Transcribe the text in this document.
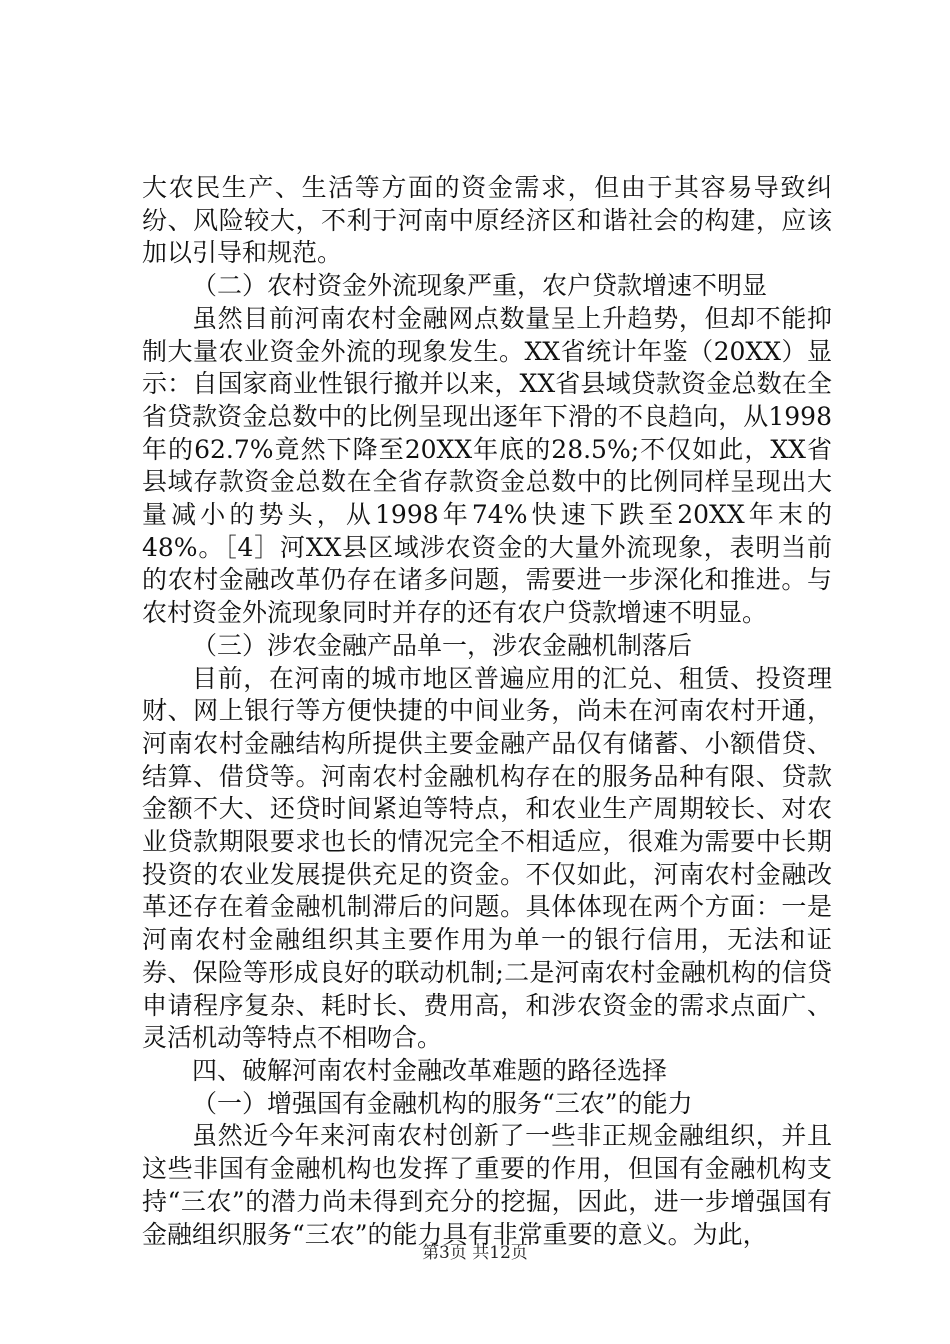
大农民生产、生活等方面的资金需求，但由于其容易导致纠纷、风险较大，不利于河南中原经济区和谐社会的构建，应该加以引导和规范。

（二）农村资金外流现象严重，农户贷款增速不明显

虽然目前河南农村金融网点数量呈上升趋势，但却不能抑制大量农业资金外流的现象发生。XX省统计年鉴（20XX）显示：自国家商业性银行撤并以来，XX省县域贷款资金总数在全省贷款资金总数中的比例呈现出逐年下滑的不良趋向，从1998年的62.7%竟然下降至20XX年底的28.5%;不仅如此，XX省县域存款资金总数在全省存款资金总数中的比例同样呈现出大量减小的势头，从1998年74%快速下跌至20XX年末的48%。［4］河XX县区域涉农资金的大量外流现象，表明当前的农村金融改革仍存在诸多问题，需要进一步深化和推进。与农村资金外流现象同时并存的还有农户贷款增速不明显。

（三）涉农金融产品单一，涉农金融机制落后

目前，在河南的城市地区普遍应用的汇兑、租赁、投资理财、网上银行等方便快捷的中间业务，尚未在河南农村开通，河南农村金融结构所提供主要金融产品仅有储蓄、小额借贷、结算、借贷等。河南农村金融机构存在的服务品种有限、贷款金额不大、还贷时间紧迫等特点，和农业生产周期较长、对农业贷款期限要求也长的情况完全不相适应，很难为需要中长期投资的农业发展提供充足的资金。不仅如此，河南农村金融改革还存在着金融机制滞后的问题。具体体现在两个方面：一是河南农村金融组织其主要作用为单一的银行信用，无法和证券、保险等形成良好的联动机制;二是河南农村金融机构的信贷申请程序复杂、耗时长、费用高，和涉农资金的需求点面广、灵活机动等特点不相吻合。

四、破解河南农村金融改革难题的路径选择

（一）增强国有金融机构的服务“三农”的能力

虽然近今年来河南农村创新了一些非正规金融组织，并且这些非国有金融机构也发挥了重要的作用，但国有金融机构支持“三农”的潜力尚未得到充分的挖掘，因此，进一步增强国有金融组织服务“三农”的能力具有非常重要的意义。为此，

第3页 共12页
